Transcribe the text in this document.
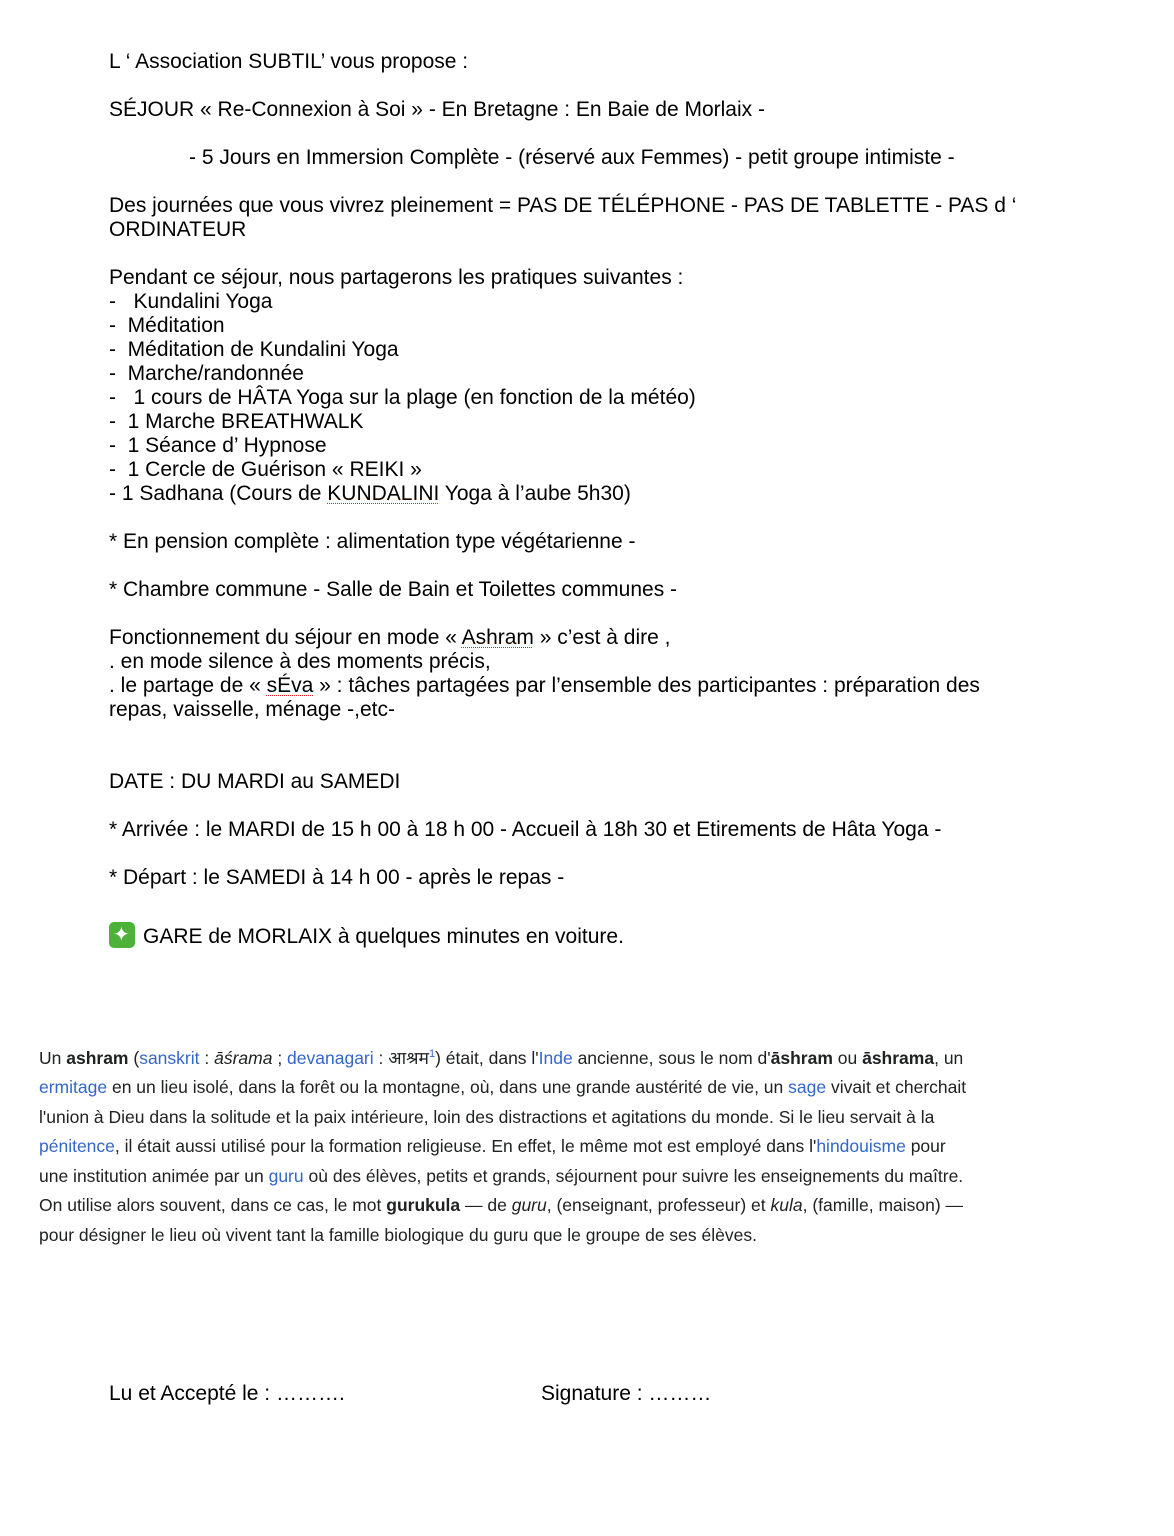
L ‘ Association SUBTIL’ vous propose :
SÉJOUR « Re-Connexion à Soi » - En Bretagne : En Baie de Morlaix -
- 5 Jours en Immersion Complète - (réservé aux Femmes) - petit groupe intimiste -
Des journées que vous vivrez pleinement = PAS DE TÉLÉPHONE - PAS DE TABLETTE - PAS d ‘
ORDINATEUR
Pendant ce séjour, nous partagerons les pratiques suivantes :
-   Kundalini Yoga
-  Méditation
-  Méditation de Kundalini Yoga
-  Marche/randonnée
-   1 cours de HÂTA Yoga sur la plage (en fonction de la météo)
-  1 Marche BREATHWALK
-  1 Séance d’ Hypnose
-  1 Cercle de Guérison « REIKI »
- 1 Sadhana (Cours de KUNDALINI Yoga à l’aube 5h30)
* En pension complète : alimentation type végétarienne -
* Chambre commune - Salle de Bain et Toilettes communes -
Fonctionnement du séjour en mode « Ashram » c’est à dire ,
. en mode silence à des moments précis,
. le partage de « sÉva » : tâches partagées par l’ensemble des participantes : préparation des
repas, vaisselle, ménage -,etc-
DATE : DU MARDI au SAMEDI
* Arrivée : le MARDI de 15 h 00 à 18 h 00 - Accueil à 18h 30 et Etirements de Hâta Yoga -
* Départ : le SAMEDI à 14 h 00 - après le repas -
✦GARE de MORLAIX à quelques minutes en voiture.
Un ashram (sanskrit : āśrama ; devanagari : आश्रम$^1$) était, dans l'Inde ancienne, sous le nom d'āshram ou āshrama, un ermitage en un lieu isolé, dans la forêt ou la montagne, où, dans une grande austérité de vie, un sage vivait et cherchait l'union à Dieu dans la solitude et la paix intérieure, loin des distractions et agitations du monde. Si le lieu servait à la pénitence, il était aussi utilisé pour la formation religieuse. En effet, le même mot est employé dans l'hindouisme pour une institution animée par un guru où des élèves, petits et grands, séjournent pour suivre les enseignements du maître. On utilise alors souvent, dans ce cas, le mot gurukula — de guru, (enseignant, professeur) et kula, (famille, maison) — pour désigner le lieu où vivent tant la famille biologique du guru que le groupe de ses élèves.
Lu et Accepté le : ……….	Signature : ………
